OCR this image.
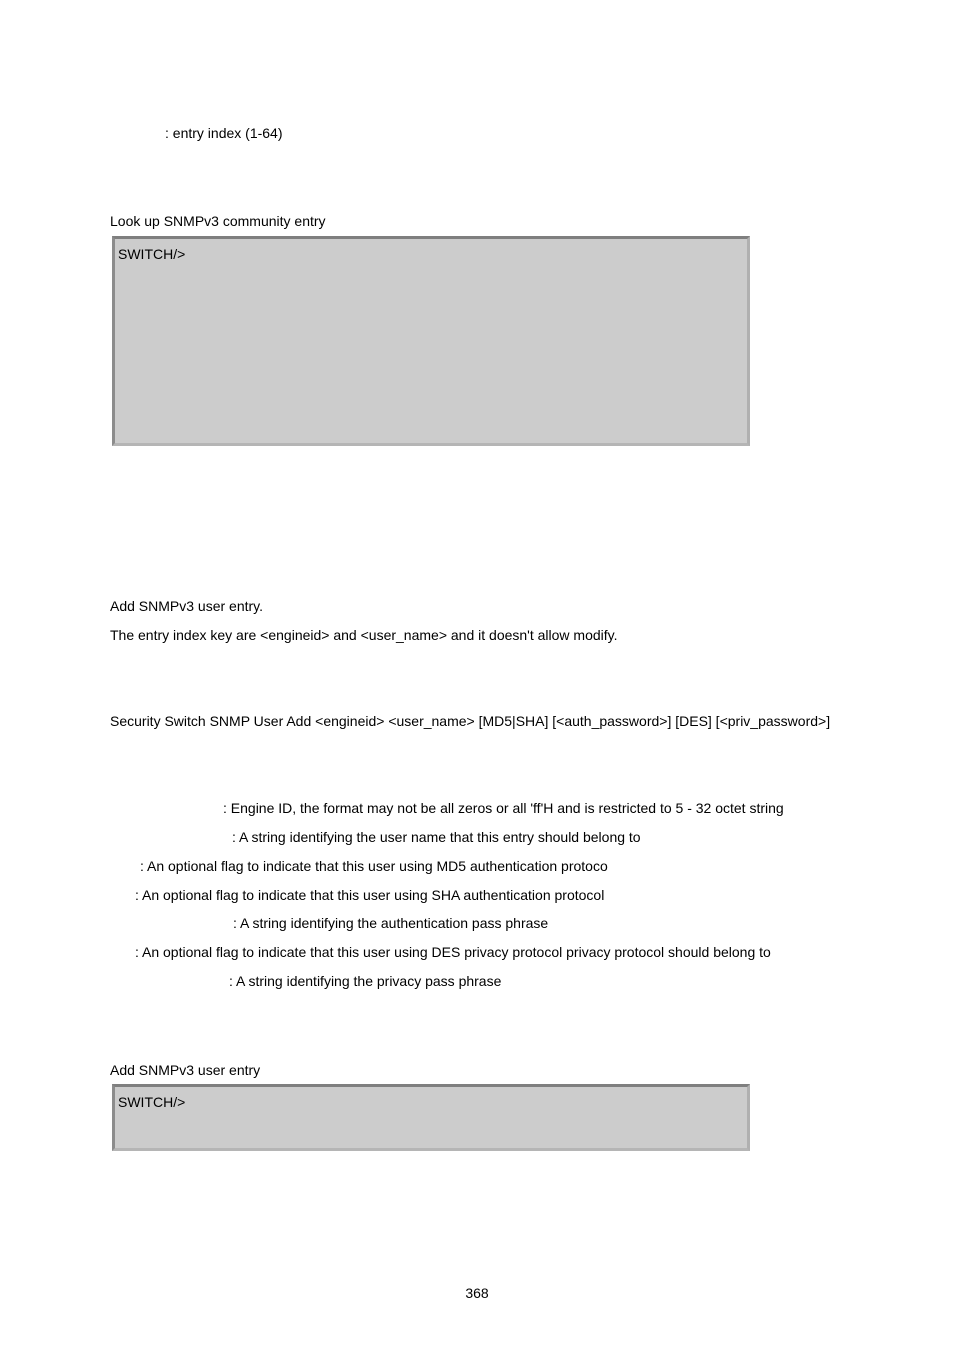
: entry index (1-64)
Look up SNMPv3 community entry
SWITCH/>
Add SNMPv3 user entry.
The entry index key are <engineid> and <user_name> and it doesn't allow modify.
Security Switch SNMP User Add <engineid> <user_name> [MD5|SHA] [<auth_password>] [DES] [<priv_password>]
: Engine ID, the format may not be all zeros or all 'ff'H and is restricted to 5 - 32 octet string
: A string identifying the user name that this entry should belong to
: An optional flag to indicate that this user using MD5 authentication protoco
: An optional flag to indicate that this user using SHA authentication protocol
: A string identifying the authentication pass phrase
: An optional flag to indicate that this user using DES privacy protocol privacy protocol should belong to
: A string identifying the privacy pass phrase
Add SNMPv3 user entry
SWITCH/>
368
